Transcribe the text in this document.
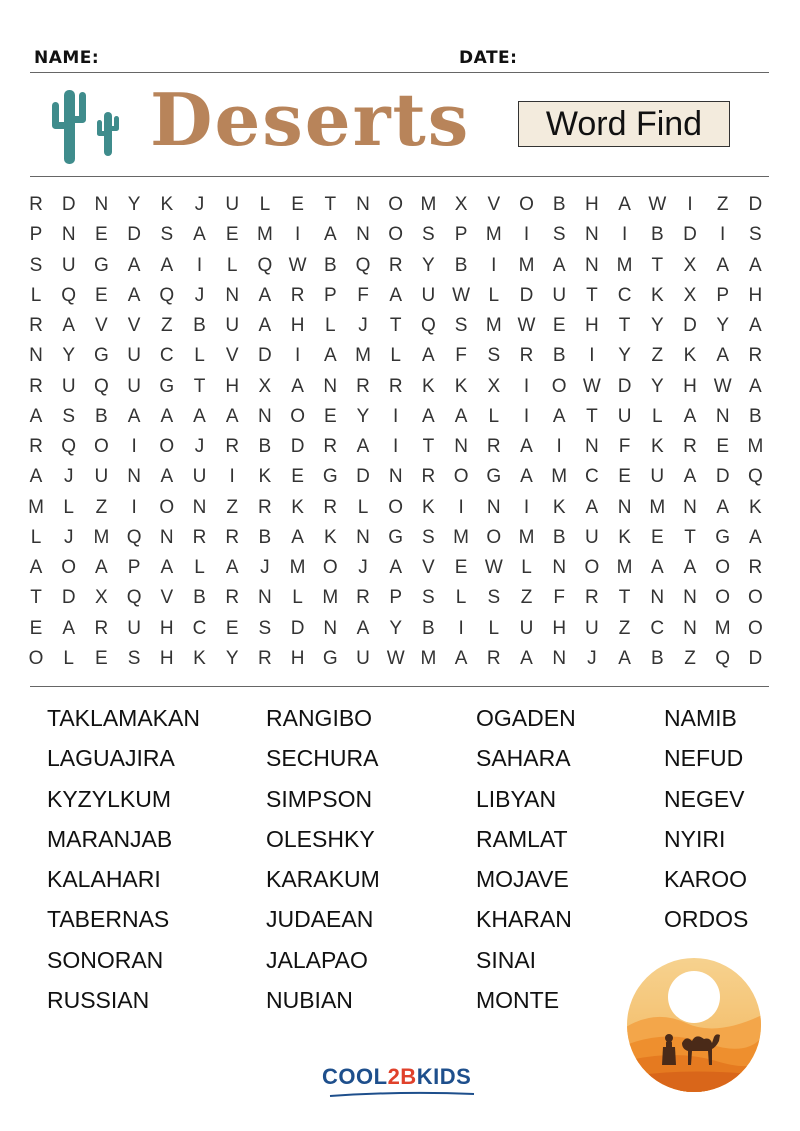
NAME:	DATE:
Deserts Word Find
R D N	Y	K	J	U	L	E	T	N O M X	V O B	H	A W	I	Z	D
P	N	E	D	S	A	E M	I	A	N O S	P M	I	S	N	I	B	D	I	S
S	U G A	A	I	L	Q W B Q R	Y	B	I	M A	N M T	X	A	A
L	Q E	A Q	J	N	A	R	P	F	A	U W L	D U	T	C	K	X	P	H
R	A	V	V	Z	B	U	A	H	L	J	T	Q S M W E	H	T	Y	D	Y	A
N	Y G U C	L	V	D	I	A M	L	A	F	S	R	B	I	Y	Z	K	A	R
R U Q U G	T	H	X	A	N R R	K	K	X	I	O W D	Y	H W A
A	S	B	A	A	A	A	N O E	Y	I	A	A	L	I	A	T	U	L	A	N	B
R Q O	I	O	J	R	B	D R	A	I	T	N R	A	I	N	F	K	R	E M
A	J	U N	A	U	I	K	E G D N R O G A M C	E	U	A	D Q
M	L	Z	I	O N	Z	R	K	R	L	O K	I	N	I	K	A	N M N	A	K
L	J	M Q N R R	B	A	K	N G S M O M B	U	K	E	T	G A
A O A	P	A	L	A	J	M O	J	A	V	E W L	N O M A	A O R
T	D	X Q V	B	R N	L	M R	P	S	L	S	Z	F	R	T	N N O O
E	A	R U H C	E	S	D N	A	Y	B	I	L	U H U	Z	C N M O
O	L	E	S	H	K	Y	R H G U W M A	R	A	N	J	A	B	Z	Q D
TAKLAMAKAN
LAGUAJIRA
KYZYLKUM
MARANJAB
KALAHARI
TABERNAS
SONORAN
RUSSIAN
RANGIBO
SECHURA
SIMPSON
OLESHKY
KARAKUM
JUDAEAN
JALAPAO
NUBIAN
OGADEN
SAHARA
LIBYAN
RAMLAT
MOJAVE
KHARAN
SINAI
MONTE
NAMIB
NEFUD
NEGEV
NYIRI
KAROO
ORDOS
COOL2BKIDS
